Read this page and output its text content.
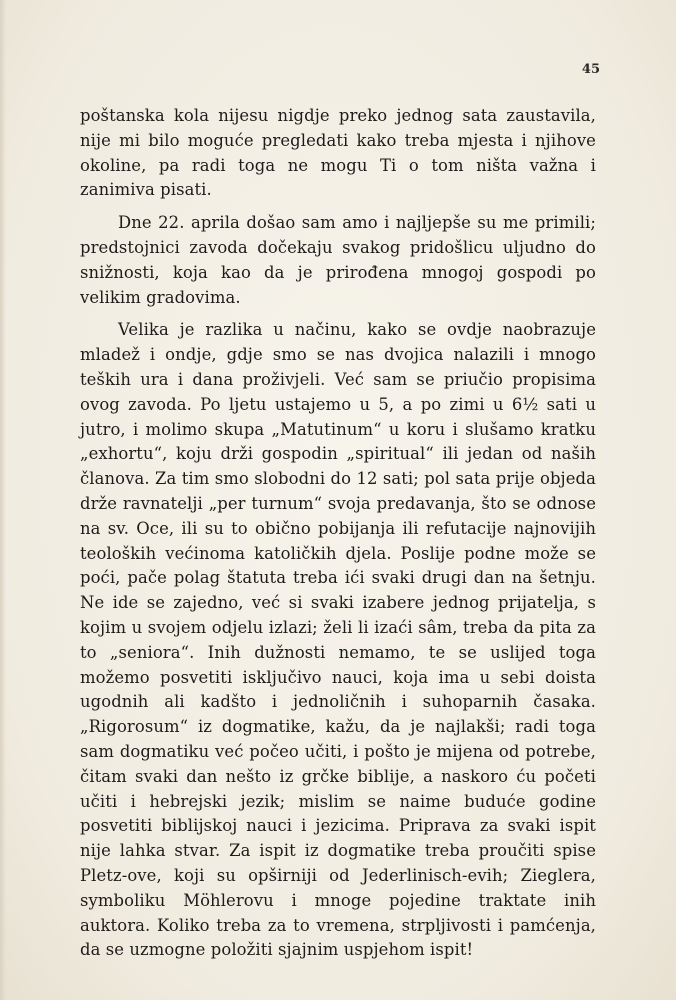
45

poštanska kola nijesu nigdje preko jednog sata zaustavila, nije mi bilo moguće pregledati kako treba mjesta i njihove okoline, pa radi toga ne mogu Ti o tom ništa važna i zanimiva pisati.

Dne 22. aprila došao sam amo i najljepše su me primili; predstojnici zavoda dočekaju svakog pridošlicu uljudno do snižnosti, koja kao da je prirođena mnogoj gospodi po velikim gradovima.

Velika je razlika u načinu, kako se ovdje naobrazuje mladež i ondje, gdje smo se nas dvojica nalazili i mnogo teških ura i dana proživjeli. Već sam se priučio propisima ovog zavoda. Po ljetu ustajemo u 5, a po zimi u 6½ sati u jutro, i molimo skupa „Matutinum“ u koru i slušamo kratku „exhortu“, koju drži gospodin „spiritual“ ili jedan od naših članova. Za tim smo slobodni do 12 sati; pol sata prije objeda drže ravnatelji „per turnum“ svoja predavanja, što se odnose na sv. Oce, ili su to obično pobijanja ili refutacije najnovijih teoloških većinoma katoličkih djela. Poslije podne može se poći, pače polag štatuta treba ići svaki drugi dan na šetnju. Ne ide se zajedno, već si svaki izabere jednog prijatelja, s kojim u svojem odjelu izlazi; želi li izaći sâm, treba da pita za to „seniora“. Inih dužnosti nemamo, te se uslijed toga možemo posvetiti isključivo nauci, koja ima u sebi doista ugodnih ali kadšto i jednoličnih i suhoparnih časaka. „Rigorosum“ iz dogmatike, kažu, da je najlakši; radi toga sam dogmatiku već počeo učiti, i pošto je mijena od potrebe, čitam svaki dan nešto iz grčke biblije, a naskoro ću početi učiti i hebrejski jezik; mislim se naime buduće godine posvetiti biblijskoj nauci i jezicima. Priprava za svaki ispit nije lahka stvar. Za ispit iz dogmatike treba proučiti spise Pletz-ove, koji su opširniji od Jederlinisch-evih; Zieglera, symboliku Möhlerovu i mnoge pojedine traktate inih auktora. Koliko treba za to vremena, strpljivosti i pamćenja, da se uzmogne položiti sjajnim uspjehom ispit!
